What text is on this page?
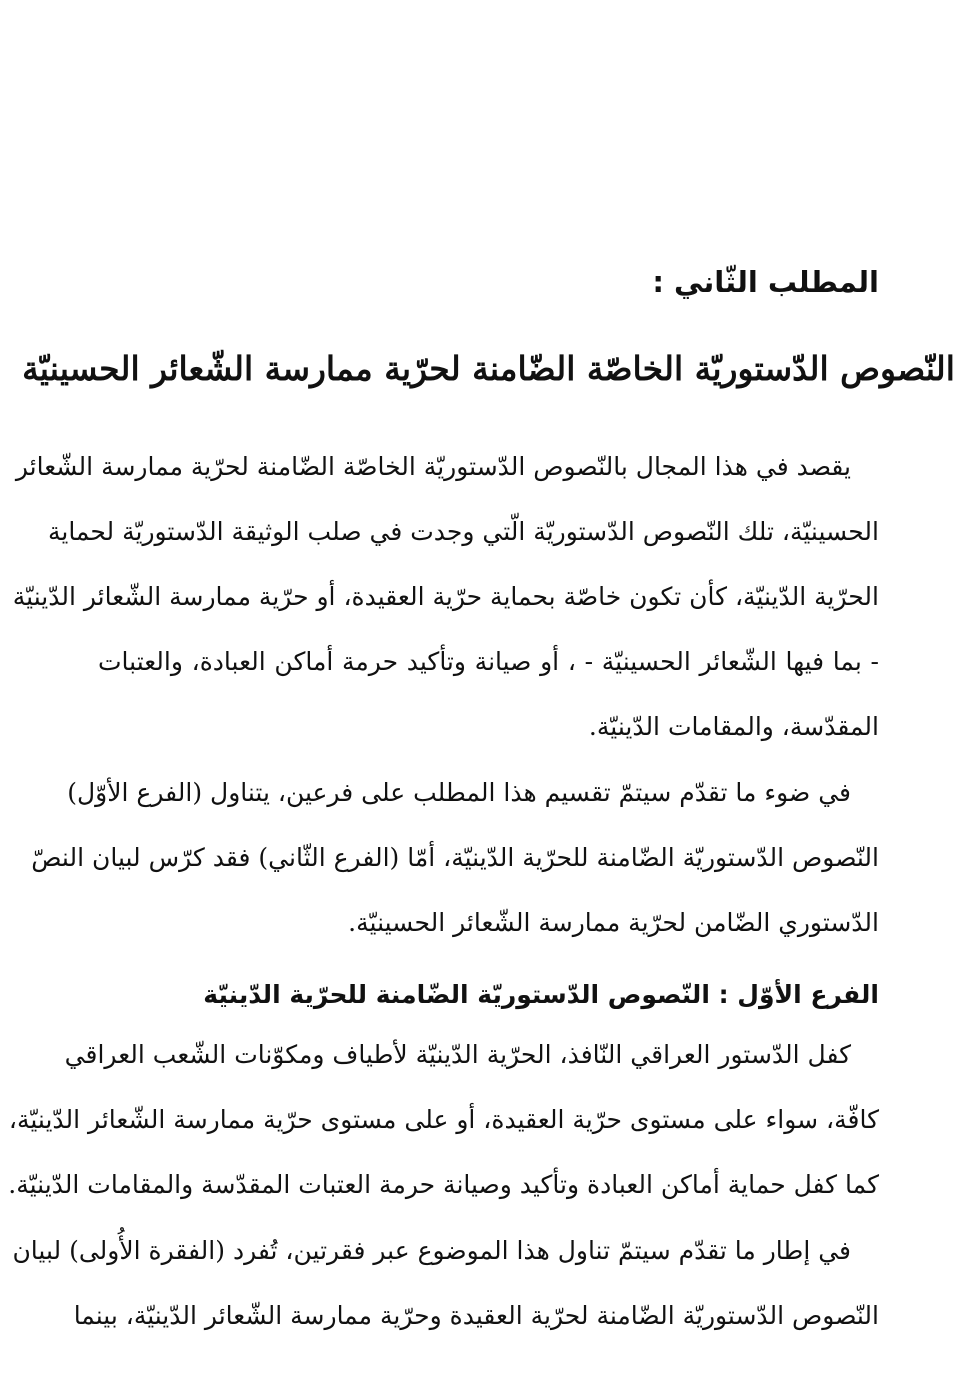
المطلب الثّاني :
النّصوص الدّستوريّة الخاصّة الضّامنة لحرّية ممارسة الشّعائر الحسينيّة

يقصد في هذا المجال بالنّصوص الدّستوريّة الخاصّة الضّامنة لحرّية ممارسة الشّعائر
الحسينيّة، تلك النّصوص الدّستوريّة الّتي وجدت في صلب الوثيقة الدّستوريّة لحماية
الحرّية الدّينيّة، كأن تكون خاصّة بحماية حرّية العقيدة، أو حرّية ممارسة الشّعائر الدّينيّة
- بما فيها الشّعائر الحسينيّة - ، أو صيانة وتأكيد حرمة أماكن العبادة، والعتبات
المقدّسة، والمقامات الدّينيّة.

في ضوء ما تقدّم سيتمّ تقسيم هذا المطلب على فرعين، يتناول (الفرع الأوّل)
النّصوص الدّستوريّة الضّامنة للحرّية الدّينيّة، أمّا (الفرع الثّاني) فقد كرّس لبيان النصّ
الدّستوري الضّامن لحرّية ممارسة الشّعائر الحسينيّة.

الفرع الأوّل : النّصوص الدّستوريّة الضّامنة للحرّية الدّينيّة

كفل الدّستور العراقي النّافذ، الحرّية الدّينيّة لأطياف ومكوّنات الشّعب العراقي
كافّة، سواء على مستوى حرّية العقيدة، أو على مستوى حرّية ممارسة الشّعائر الدّينيّة،
كما كفل حماية أماكن العبادة وتأكيد وصيانة حرمة العتبات المقدّسة والمقامات الدّينيّة.

في إطار ما تقدّم سيتمّ تناول هذا الموضوع عبر فقرتين، تُفرد (الفقرة الأُولى) لبيان
النّصوص الدّستوريّة الضّامنة لحرّية العقيدة وحرّية ممارسة الشّعائر الدّينيّة، بينما
